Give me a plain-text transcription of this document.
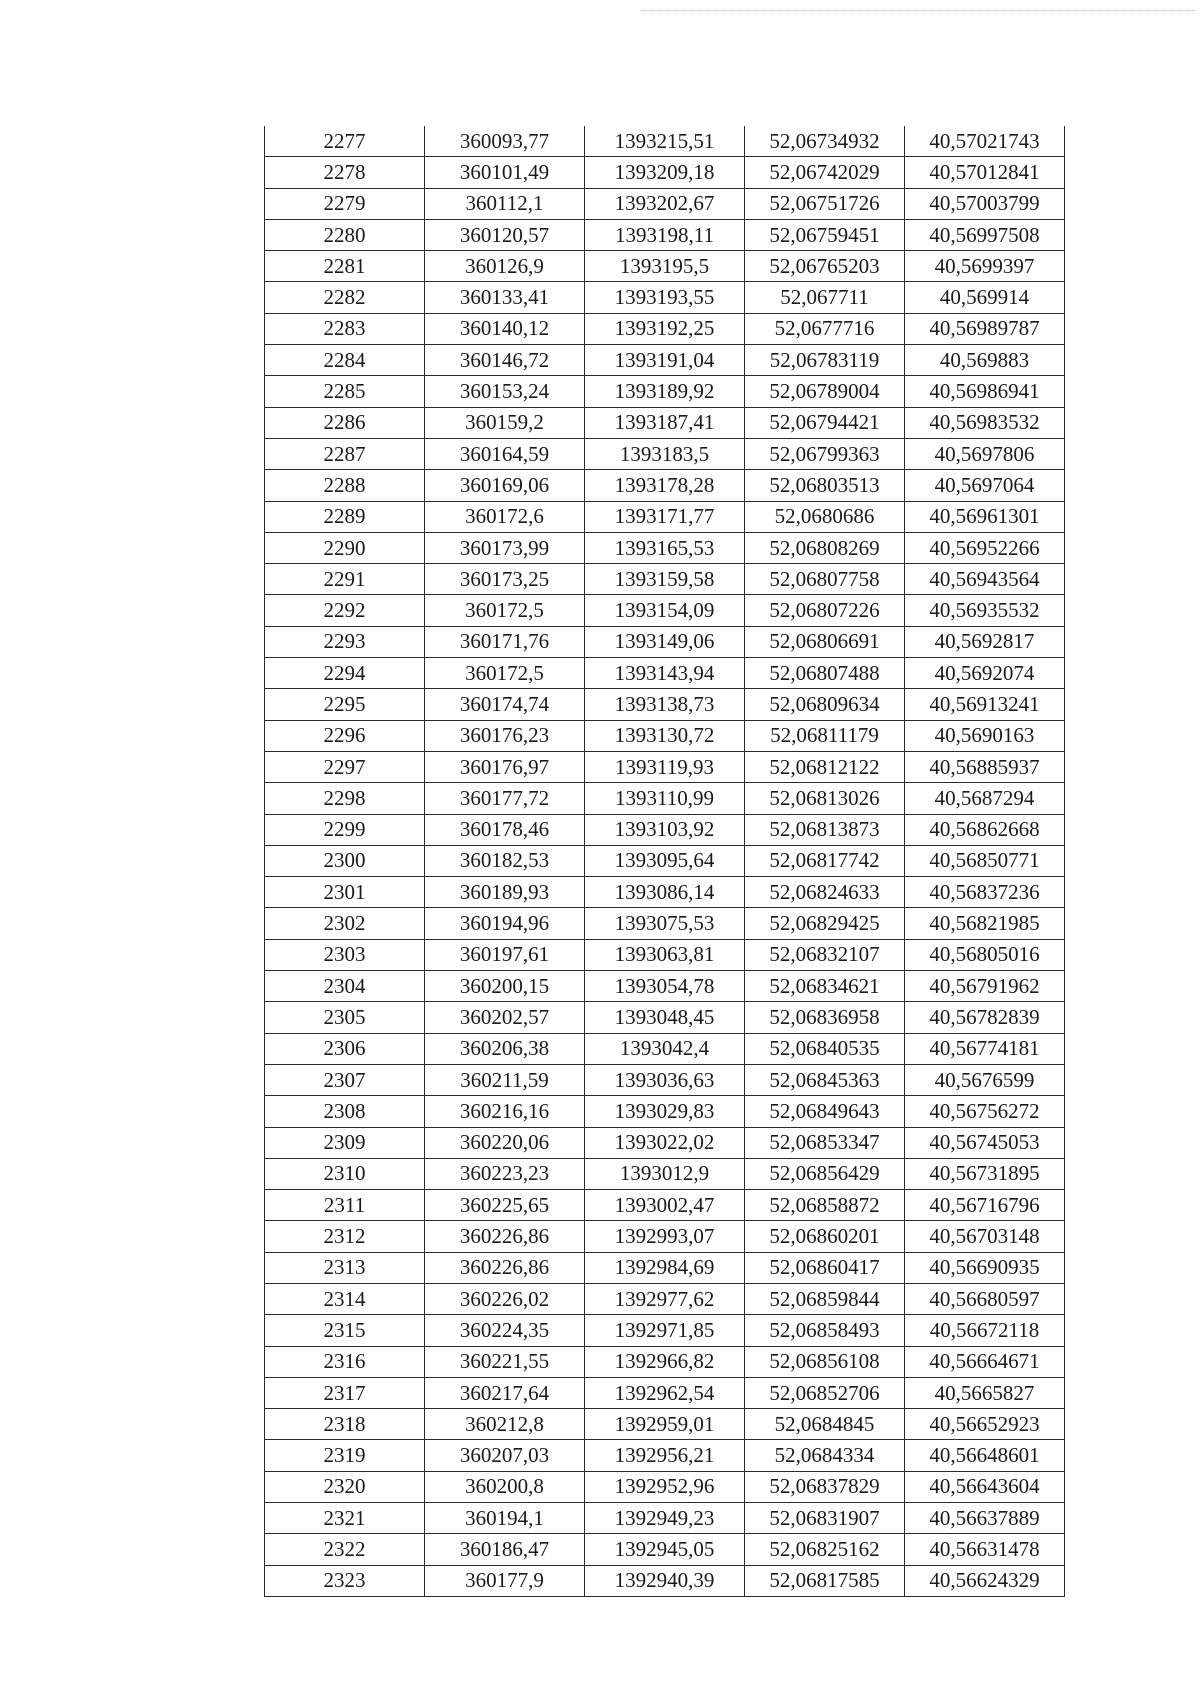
2277	360093,77	1393215,51	52,06734932	40,57021743
2278	360101,49	1393209,18	52,06742029	40,57012841
2279	360112,1	1393202,67	52,06751726	40,57003799
2280	360120,57	1393198,11	52,06759451	40,56997508
2281	360126,9	1393195,5	52,06765203	40,5699397
2282	360133,41	1393193,55	52,067711	40,569914
2283	360140,12	1393192,25	52,0677716	40,56989787
2284	360146,72	1393191,04	52,06783119	40,569883
2285	360153,24	1393189,92	52,06789004	40,56986941
2286	360159,2	1393187,41	52,06794421	40,56983532
2287	360164,59	1393183,5	52,06799363	40,5697806
2288	360169,06	1393178,28	52,06803513	40,5697064
2289	360172,6	1393171,77	52,0680686	40,56961301
2290	360173,99	1393165,53	52,06808269	40,56952266
2291	360173,25	1393159,58	52,06807758	40,56943564
2292	360172,5	1393154,09	52,06807226	40,56935532
2293	360171,76	1393149,06	52,06806691	40,5692817
2294	360172,5	1393143,94	52,06807488	40,5692074
2295	360174,74	1393138,73	52,06809634	40,56913241
2296	360176,23	1393130,72	52,06811179	40,5690163
2297	360176,97	1393119,93	52,06812122	40,56885937
2298	360177,72	1393110,99	52,06813026	40,5687294
2299	360178,46	1393103,92	52,06813873	40,56862668
2300	360182,53	1393095,64	52,06817742	40,56850771
2301	360189,93	1393086,14	52,06824633	40,56837236
2302	360194,96	1393075,53	52,06829425	40,56821985
2303	360197,61	1393063,81	52,06832107	40,56805016
2304	360200,15	1393054,78	52,06834621	40,56791962
2305	360202,57	1393048,45	52,06836958	40,56782839
2306	360206,38	1393042,4	52,06840535	40,56774181
2307	360211,59	1393036,63	52,06845363	40,5676599
2308	360216,16	1393029,83	52,06849643	40,56756272
2309	360220,06	1393022,02	52,06853347	40,56745053
2310	360223,23	1393012,9	52,06856429	40,56731895
2311	360225,65	1393002,47	52,06858872	40,56716796
2312	360226,86	1392993,07	52,06860201	40,56703148
2313	360226,86	1392984,69	52,06860417	40,56690935
2314	360226,02	1392977,62	52,06859844	40,56680597
2315	360224,35	1392971,85	52,06858493	40,56672118
2316	360221,55	1392966,82	52,06856108	40,56664671
2317	360217,64	1392962,54	52,06852706	40,5665827
2318	360212,8	1392959,01	52,0684845	40,56652923
2319	360207,03	1392956,21	52,0684334	40,56648601
2320	360200,8	1392952,96	52,06837829	40,56643604
2321	360194,1	1392949,23	52,06831907	40,56637889
2322	360186,47	1392945,05	52,06825162	40,56631478
2323	360177,9	1392940,39	52,06817585	40,56624329
